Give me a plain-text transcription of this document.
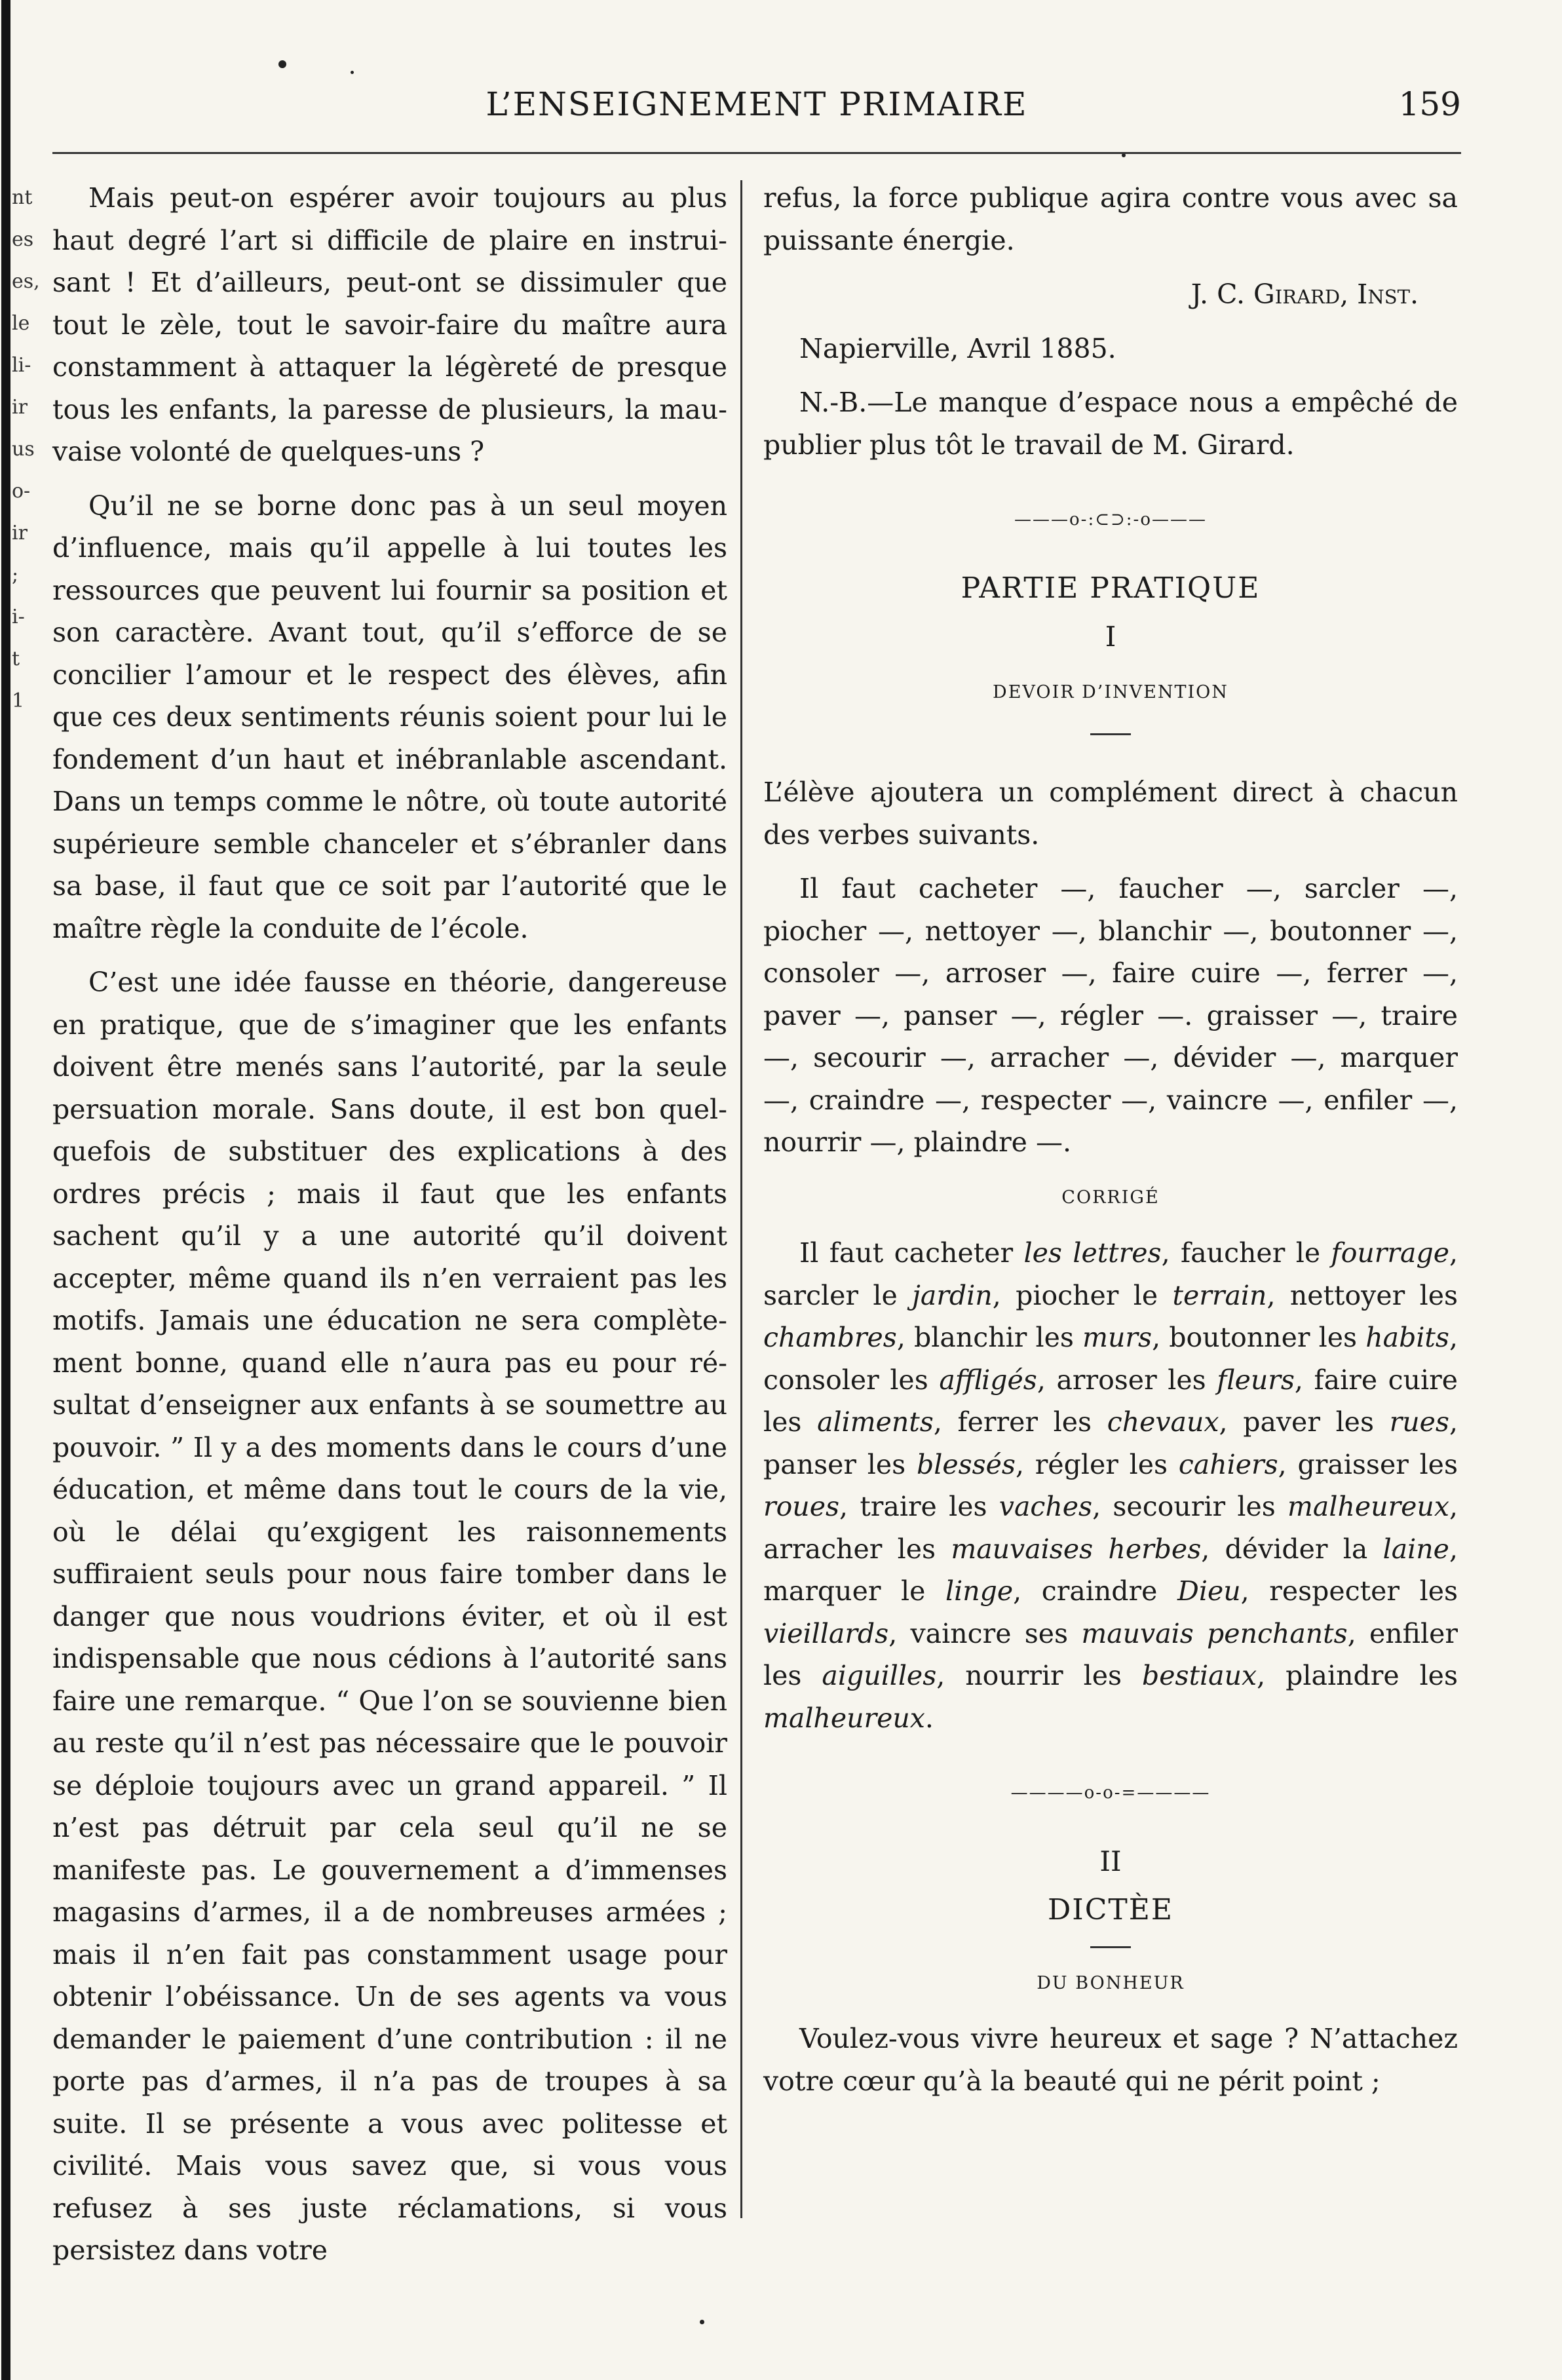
nt
es
es,
le
li-
ir
us
o-
ir
;
i-
t
1
L’ENSEIGNEMENT PRIMAIRE	159

Mais peut-on espérer avoir toujours au plus haut degré l’art si difficile de plaire en instruisant ! Et d’ailleurs, peut-ont se dissimuler que tout le zèle, tout le savoir-faire du maître aura constamment à attaquer la légèreté de presque tous les enfants, la paresse de plusieurs, la mauvaise volonté de quelques-uns ?

Qu’il ne se borne donc pas à un seul moyen d’influence, mais qu’il appelle à lui toutes les ressources que peuvent lui fournir sa position et son caractère. Avant tout, qu’il s’efforce de se concilier l’amour et le respect des élèves, afin que ces deux sentiments réunis soient pour lui le fondement d’un haut et inébranlable ascendant. Dans un temps comme le nôtre, où toute autorité supérieure semble chanceler et s’ébranler dans sa base, il faut que ce soit par l’autorité que le maître règle la conduite de l’école.

C’est une idée fausse en théorie, dangereuse en pratique, que de s’imaginer que les enfants doivent être menés sans l’autorité, par la seule persuation morale. Sans doute, il est bon quelquefois de substituer des explications à des ordres précis ; mais il faut que les enfants sachent qu’il y a une autorité qu’il doivent accepter, même quand ils n’en verraient pas les motifs. Jamais une éducation ne sera complètement bonne, quand elle n’aura pas eu pour résultat d’enseigner aux enfants à se soumettre au pouvoir. ” Il y a des moments dans le cours d’une éducation, et même dans tout le cours de la vie, où le délai qu’exgigent les raisonnements suffiraient seuls pour nous faire tomber dans le danger que nous voudrions éviter, et où il est indispensable que nous cédions à l’autorité sans faire une remarque. “ Que l’on se souvienne bien au reste qu’il n’est pas nécessaire que le pouvoir se déploie toujours avec un grand appareil. ” Il n’est pas détruit par cela seul qu’il ne se manifeste pas. Le gouvernement a d’immenses magasins d’armes, il a de nombreuses armées ; mais il n’en fait pas constamment usage pour obtenir l’obéissance. Un de ses agents va vous demander le paiement d’une contribution : il ne porte pas d’armes, il n’a pas de troupes à sa suite. Il se présente a vous avec politesse et civilité. Mais vous savez que, si vous vous refusez à ses juste réclamations, si vous persistez dans votre

refus, la force publique agira contre vous avec sa puissante énergie.

J. C. Girard, Inst.

Napierville, Avril 1885.

N.-B.—Le manque d’espace nous a empêché de publier plus tôt le travail de M. Girard.

———o-:⊂⊃:-o———
PARTIE PRATIQUE
I
DEVOIR D’INVENTION

L’élève ajoutera un complément direct à chacun des verbes suivants.

Il faut cacheter —, faucher —, sarcler —, piocher —, nettoyer —, blanchir —, boutonner —, consoler —, arroser —, faire cuire —, ferrer —, paver —, panser —, régler —. graisser —, traire —, secourir —, arracher —, dévider —, marquer —, craindre —, respecter —, vaincre —, enfiler —, nourrir —, plaindre —.

CORRIGÉ

Il faut cacheter les lettres, faucher le fourrage, sarcler le jardin, piocher le terrain, nettoyer les chambres, blanchir les murs, boutonner les habits, consoler les affligés, arroser les fleurs, faire cuire les aliments, ferrer les chevaux, paver les rues, panser les blessés, régler les cahiers, graisser les roues, traire les vaches, secourir les malheureux, arracher les mauvaises herbes, dévider la laine, marquer le linge, craindre Dieu, respecter les vieillards, vaincre ses mauvais penchants, enfiler les aiguilles, nourrir les bestiaux, plaindre les malheureux.

————o-o-=————
II
DICTÈE
DU BONHEUR

Voulez-vous vivre heureux et sage ? N’attachez votre cœur qu’à la beauté qui ne périt point ;
